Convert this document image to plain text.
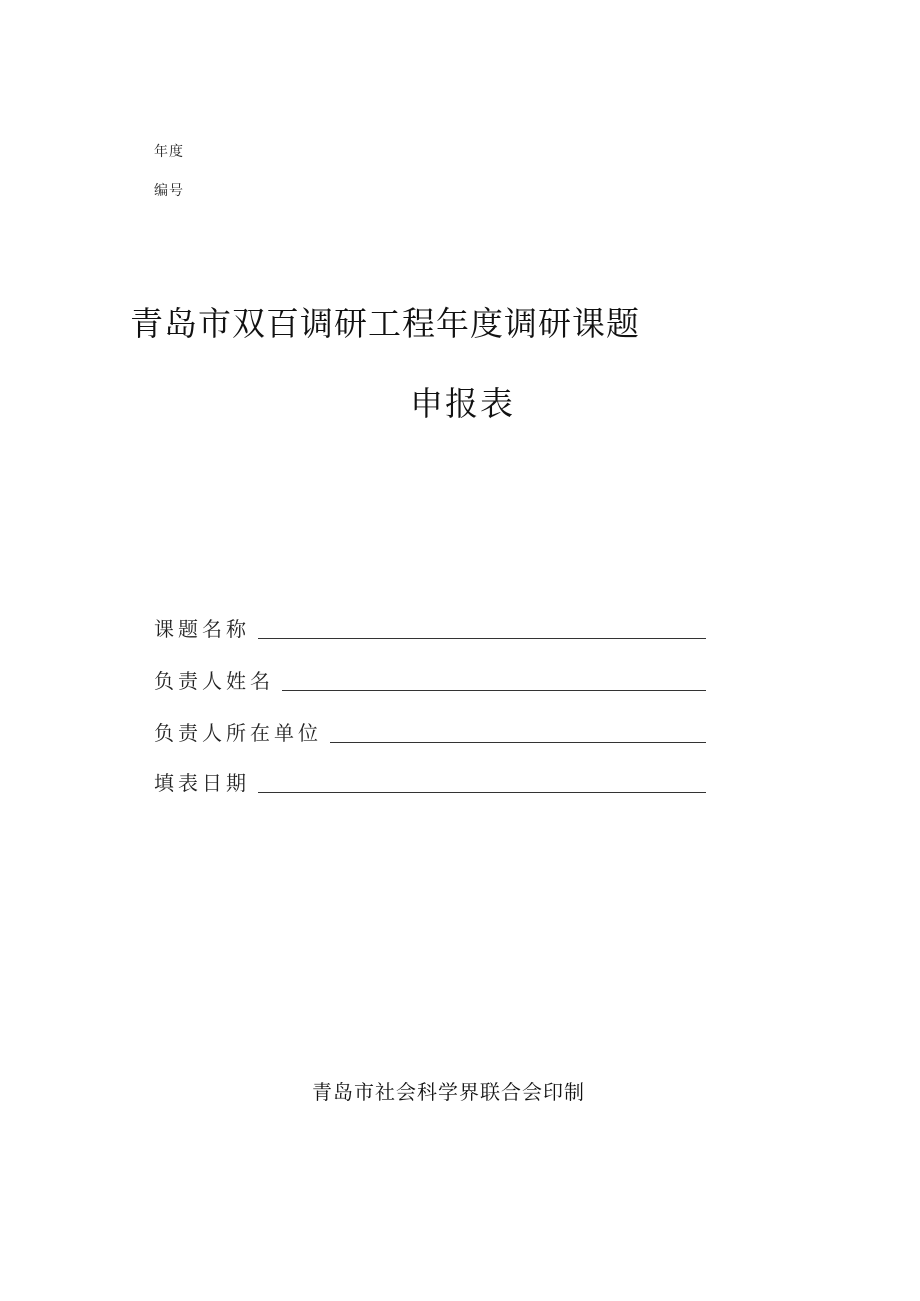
年度
编号
青岛市双百调研工程年度调研课题
申报表
课题名称
负责人姓名
负责人所在单位
填表日期
青岛市社会科学界联合会印制
